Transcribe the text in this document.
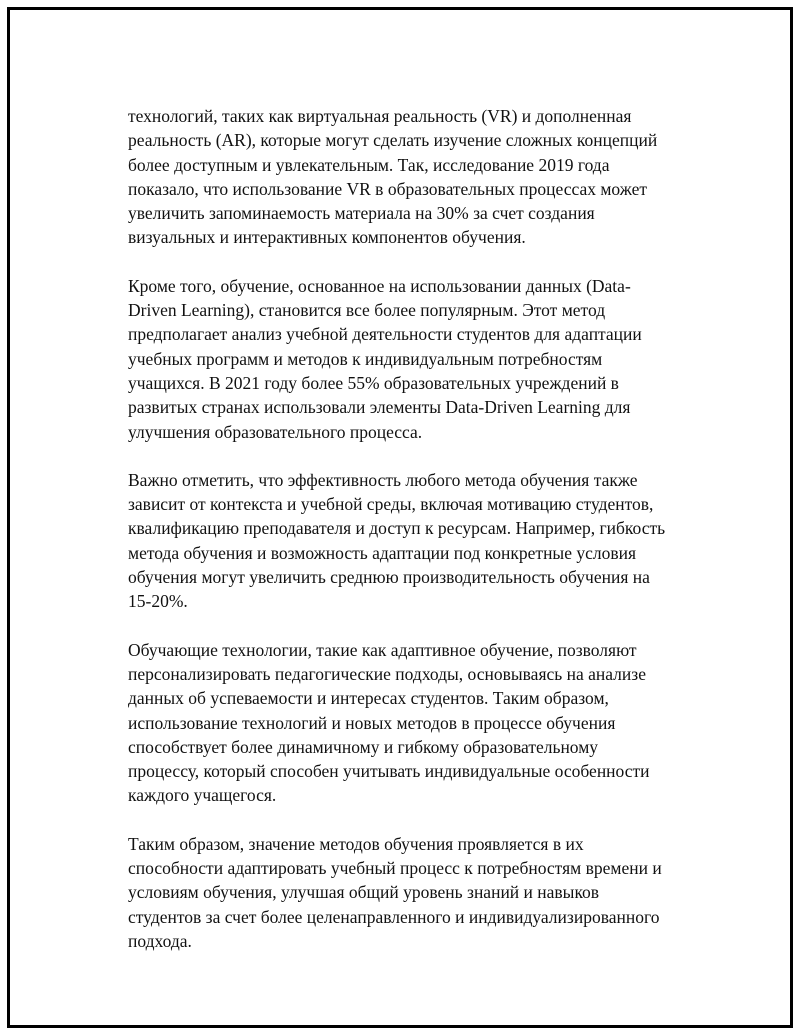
технологий, таких как виртуальная реальность (VR) и дополненная
реальность (AR), которые могут сделать изучение сложных концепций
более доступным и увлекательным. Так, исследование 2019 года
показало, что использование VR в образовательных процессах может
увеличить запоминаемость материала на 30% за счет создания
визуальных и интерактивных компонентов обучения.

Кроме того, обучение, основанное на использовании данных (Data-
Driven Learning), становится все более популярным. Этот метод
предполагает анализ учебной деятельности студентов для адаптации
учебных программ и методов к индивидуальным потребностям
учащихся. В 2021 году более 55% образовательных учреждений в
развитых странах использовали элементы Data-Driven Learning для
улучшения образовательного процесса.

Важно отметить, что эффективность любого метода обучения также
зависит от контекста и учебной среды, включая мотивацию студентов,
квалификацию преподавателя и доступ к ресурсам. Например, гибкость
метода обучения и возможность адаптации под конкретные условия
обучения могут увеличить среднюю производительность обучения на
15-20%.

Обучающие технологии, такие как адаптивное обучение, позволяют
персонализировать педагогические подходы, основываясь на анализе
данных об успеваемости и интересах студентов. Таким образом,
использование технологий и новых методов в процессе обучения
способствует более динамичному и гибкому образовательному
процессу, который способен учитывать индивидуальные особенности
каждого учащегося.

Таким образом, значение методов обучения проявляется в их
способности адаптировать учебный процесс к потребностям времени и
условиям обучения, улучшая общий уровень знаний и навыков
студентов за счет более целенаправленного и индивидуализированного
подхода.
